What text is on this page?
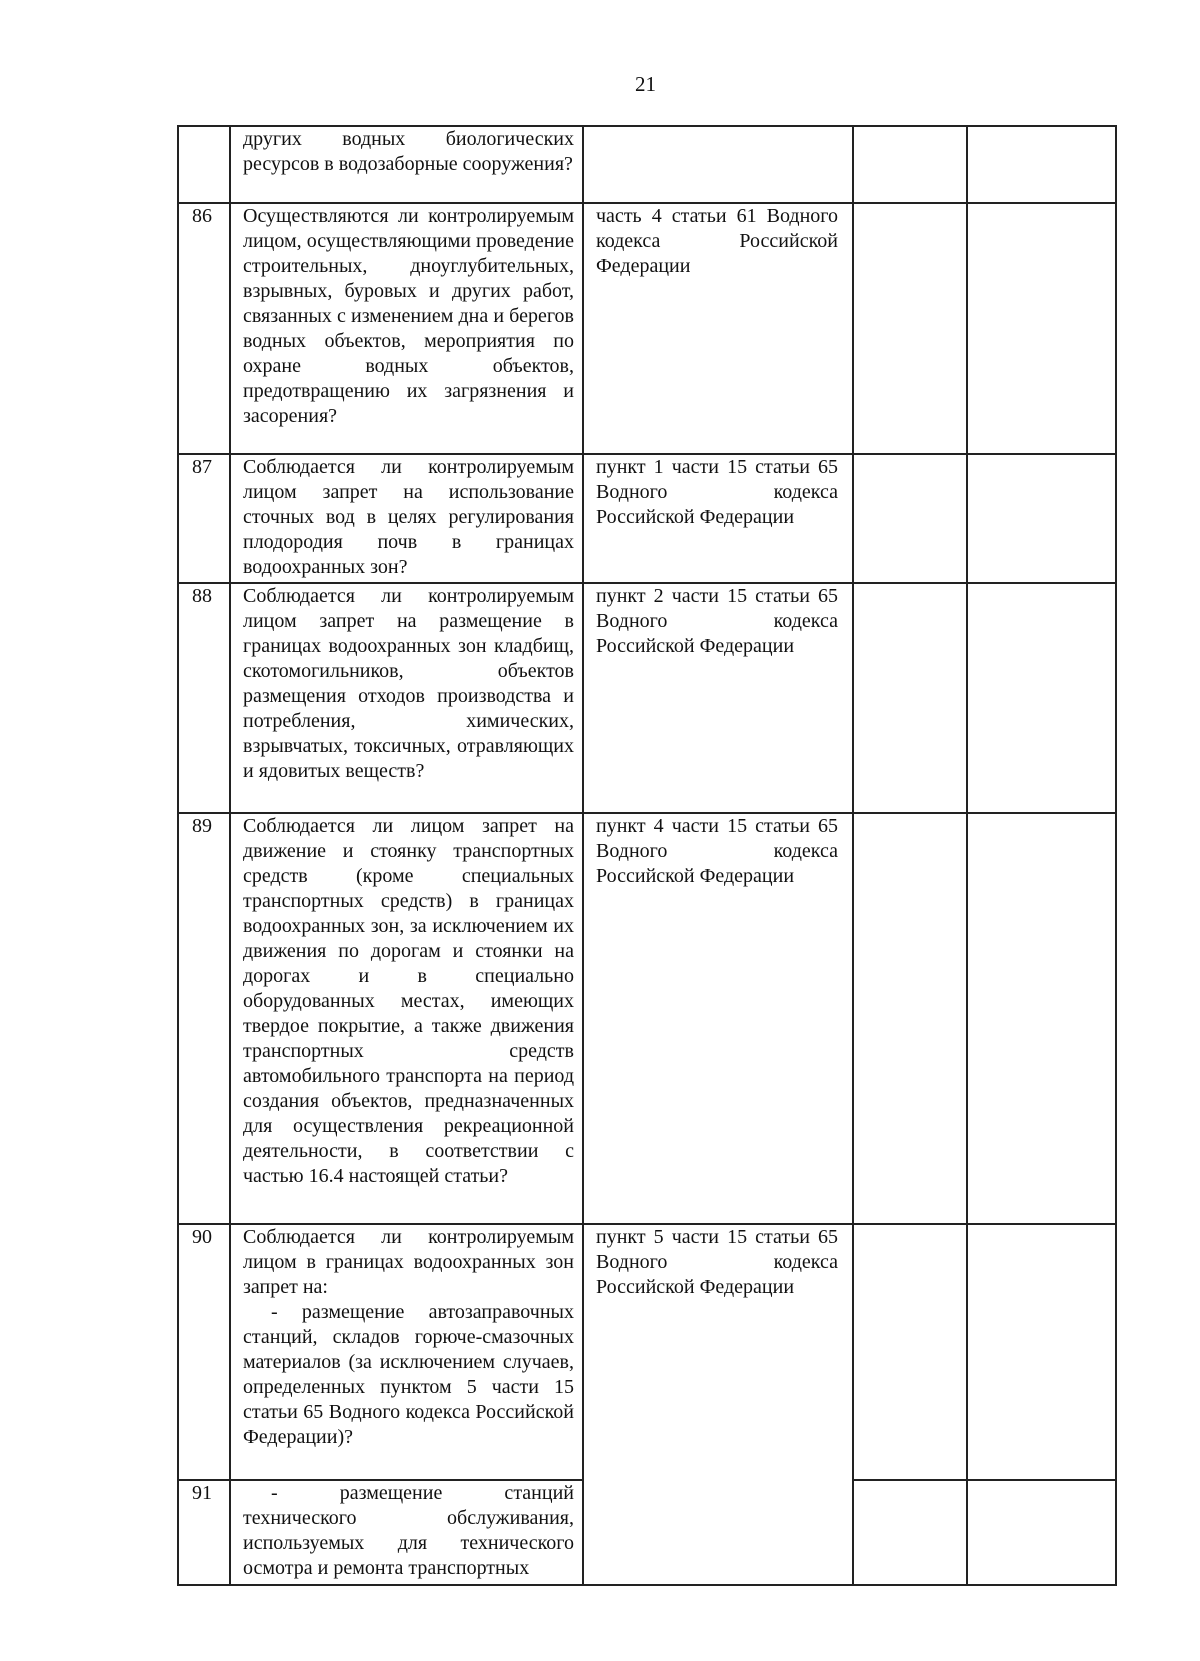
21
	других водных биологических ресурсов в водозаборные сооружения?			
86	Осуществляются ли контролируемым лицом, осуществляющими проведение строительных, дноуглубительных, взрывных, буровых и других работ, связанных с изменением дна и берегов водных объектов, мероприятия по охране водных объектов, предотвращению их загрязнения и засорения?	часть 4 статьи 61 Водного кодекса Российской Федерации		
87	Соблюдается ли контролируемым лицом запрет на использование сточных вод в целях регулирования плодородия почв в границах водоохранных зон?	пункт 1 части 15 статьи 65 Водного кодекса Российской Федерации		
88	Соблюдается ли контролируемым лицом запрет на размещение в границах водоохранных зон кладбищ, скотомогильников, объектов размещения отходов производства и потребления, химических, взрывчатых, токсичных, отравляющих и ядовитых веществ?	пункт 2 части 15 статьи 65 Водного кодекса Российской Федерации		
89	Соблюдается ли лицом запрет на движение и стоянку транспортных средств (кроме специальных транспортных средств) в границах водоохранных зон, за исключением их движения по дорогам и стоянки на дорогах и в специально оборудованных местах, имеющих твердое покрытие, а также движения транспортных средств автомобильного транспорта на период создания объектов, предназначенных для осуществления рекреационной деятельности, в соответствии с частью 16.4 настоящей статьи?	пункт 4 части 15 статьи 65 Водного кодекса Российской Федерации		
90	Соблюдается ли контролируемым лицом в границах водоохранных зон запрет на:
- размещение автозаправочных станций, складов горюче-смазочных материалов (за исключением случаев, определенных пунктом 5 части 15 статьи 65 Водного кодекса Российской Федерации)?	пункт 5 части 15 статьи 65 Водного кодекса Российской Федерации		
91	- размещение станций технического обслуживания, используемых для технического осмотра и ремонта транспортных			
